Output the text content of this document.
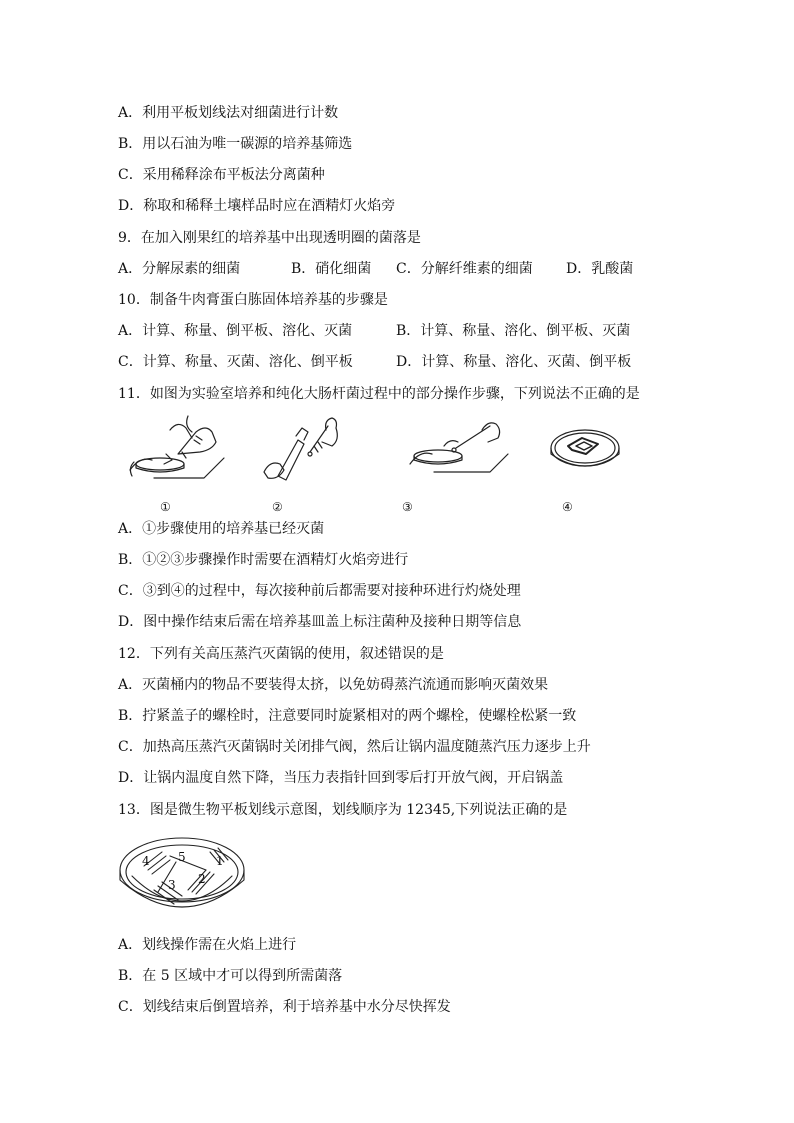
A．利用平板划线法对细菌进行计数
B．用以石油为唯一碳源的培养基筛选
C．采用稀释涂布平板法分离菌种
D．称取和稀释土壤样品时应在酒精灯火焰旁
9．在加入刚果红的培养基中出现透明圈的菌落是
A．分解尿素的细菌	B．硝化细菌 C．分解纤维素的细菌 D．乳酸菌
10．制备牛肉膏蛋白胨固体培养基的步骤是
A．计算、称量、倒平板、溶化、灭菌	B．计算、称量、溶化、倒平板、灭菌
C．计算、称量、灭菌、溶化、倒平板	D．计算、称量、溶化、灭菌、倒平板
11．如图为实验室培养和纯化大肠杆菌过程中的部分操作步骤，下列说法不正确的是
①	②	③	④
A．①步骤使用的培养基已经灭菌
B．①②③步骤操作时需要在酒精灯火焰旁进行
C．③到④的过程中，每次接种前后都需要对接种环进行灼烧处理
D．图中操作结束后需在培养基皿盖上标注菌种及接种日期等信息
12．下列有关高压蒸汽灭菌锅的使用，叙述错误的是
A．灭菌桶内的物品不要装得太挤，以免妨碍蒸汽流通而影响灭菌效果
B．拧紧盖子的螺栓时，注意要同时旋紧相对的两个螺栓，使螺栓松紧一致
C．加热高压蒸汽灭菌锅时关闭排气阀，然后让锅内温度随蒸汽压力逐步上升
D．让锅内温度自然下降，当压力表指针回到零后打开放气阀，开启锅盖
13．图是微生物平板划线示意图，划线顺序为 12345,下列说法正确的是
4 5	1
2
3
A．划线操作需在火焰上进行
B．在 5 区域中才可以得到所需菌落
C．划线结束后倒置培养，利于培养基中水分尽快挥发
